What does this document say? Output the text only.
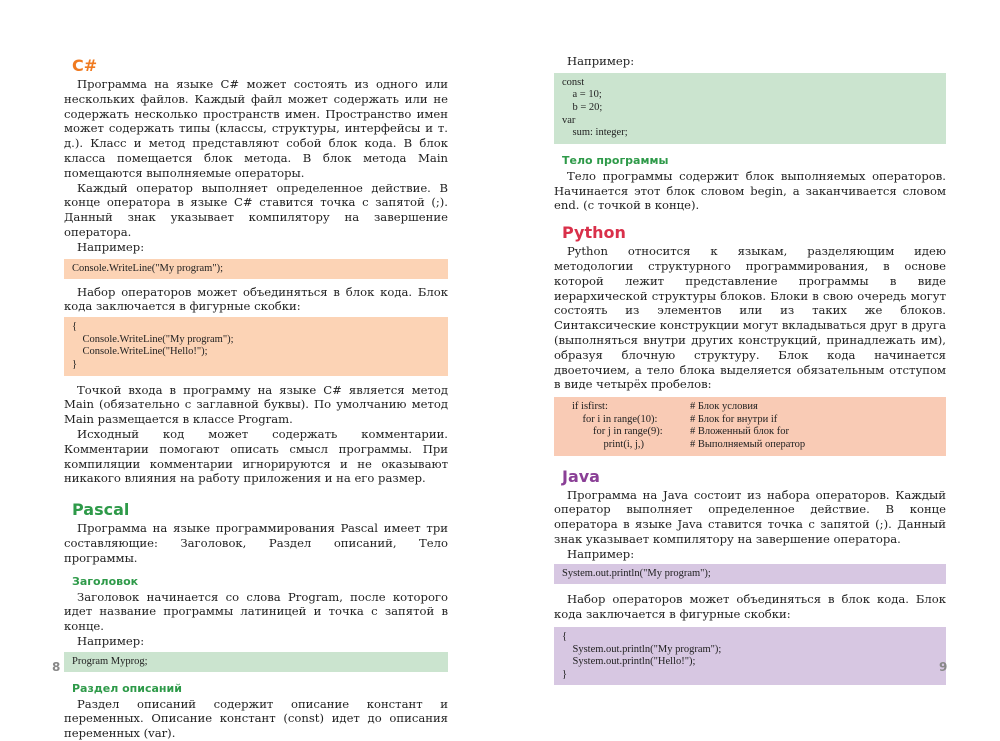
C#

Программа на языке C# может состоять из одного или нескольких файлов. Каждый файл может содержать или не содержать несколько пространств имен. Пространство имен может содержать типы (классы, структуры, интерфейсы и т. д.). Класс и метод представляют собой блок кода. В блок класса помещается блок метода. В блок метода Main помещаются выполняемые операторы.

Каждый оператор выполняет определенное действие. В конце оператора в языке C# ставится точка с запятой (;). Данный знак указывает компилятору на завершение оператора.

Например:

Console.WriteLine("My program");

Набор операторов может объединяться в блок кода. Блок кода заключается в фигурные скобки:

{
Console.WriteLine("My program");
Console.WriteLine("Hello!");
}

Точкой входа в программу на языке C# является метод Main (обязательно с заглавной буквы). По умолчанию метод Main размещается в классе Program.

Исходный код может содержать комментарии. Комментарии помогают описать смысл программы. При компиляции комментарии игнорируются и не оказывают никакого влияния на работу приложения и на его размер.

Pascal

Программа на языке программирования Pascal имеет три составляющие: Заголовок, Раздел описаний, Тело программы.

Заголовок

Заголовок начинается со слова Program, после которого идет название программы латиницей и точка с запятой в конце.

Например:

Program Myprog;
Раздел описаний

Раздел описаний содержит описание констант и переменных. Описание констант (const) идет до описания переменных (var).

8

Например:

const
a = 10;
b = 20;
var
sum: integer;
Тело программы

Тело программы содержит блок выполняемых операторов. Начинается этот блок словом begin, а заканчивается словом end. (с точкой в конце).

Python

Python относится к языкам, разделяющим идею методологии структурного программирования, в основе которой лежит представление программы в виде иерархической структуры блоков. Блоки в свою очередь могут состоять из элементов или из таких же блоков. Синтаксические конструкции могут вкладываться друг в друга (выполняться внутри других конструкций, принадлежать им), образуя блочную структуру. Блок кода начинается двоеточием, а тело блока выделяется обязательным отступом в виде четырёх пробелов:

if isfirst:	# Блок условия
for i in range(10):	# Блок for внутри if
for j in range(9):	# Вложенный блок for
print(i, j,)	# Выполняемый оператор
Java

Программа на Java состоит из набора операторов. Каждый оператор выполняет определенное действие. В конце оператора в языке Java ставится точка с запятой (;). Данный знак указывает компилятору на завершение оператора.

Например:

System.out.println("My program");

Набор операторов может объединяться в блок кода. Блок кода заключается в фигурные скобки:

{
System.out.println("My program");
System.out.println("Hello!");
}
9
